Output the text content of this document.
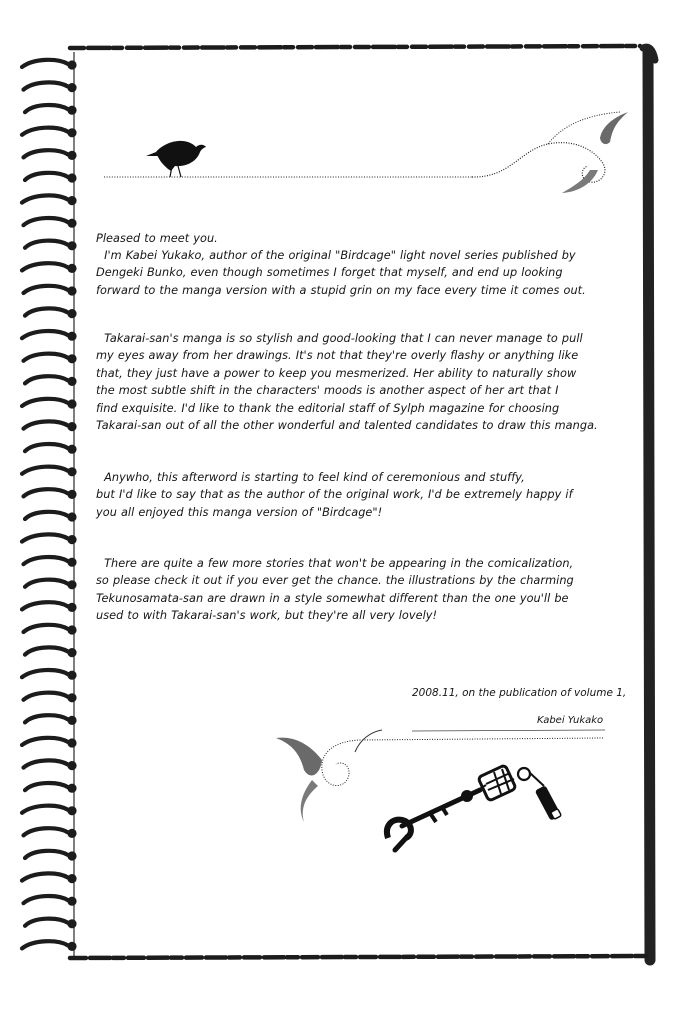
Pleased to meet you.
I'm Kabei Yukako, author of the original "Birdcage" light novel series published by
Dengeki Bunko, even though sometimes I forget that myself, and end up looking
forward to the manga version with a stupid grin on my face every time it comes out.
Takarai-san's manga is so stylish and good-looking that I can never manage to pull
my eyes away from her drawings. It's not that they're overly flashy or anything like
that, they just have a power to keep you mesmerized. Her ability to naturally show
the most subtle shift in the characters' moods is another aspect of her art that I
find exquisite. I'd like to thank the editorial staff of Sylph magazine for choosing
Takarai-san out of all the other wonderful and talented candidates to draw this manga.
Anywho, this afterword is starting to feel kind of ceremonious and stuffy,
but I'd like to say that as the author of the original work, I'd be extremely happy if
you all enjoyed this manga version of "Birdcage"!
There are quite a few more stories that won't be appearing in the comicalization,
so please check it out if you ever get the chance. the illustrations by the charming
Tekunosamata-san are drawn in a style somewhat different than the one you'll be
used to with Takarai-san's work, but they're all very lovely!
2008.11, on the publication of volume 1,
Kabei Yukako
